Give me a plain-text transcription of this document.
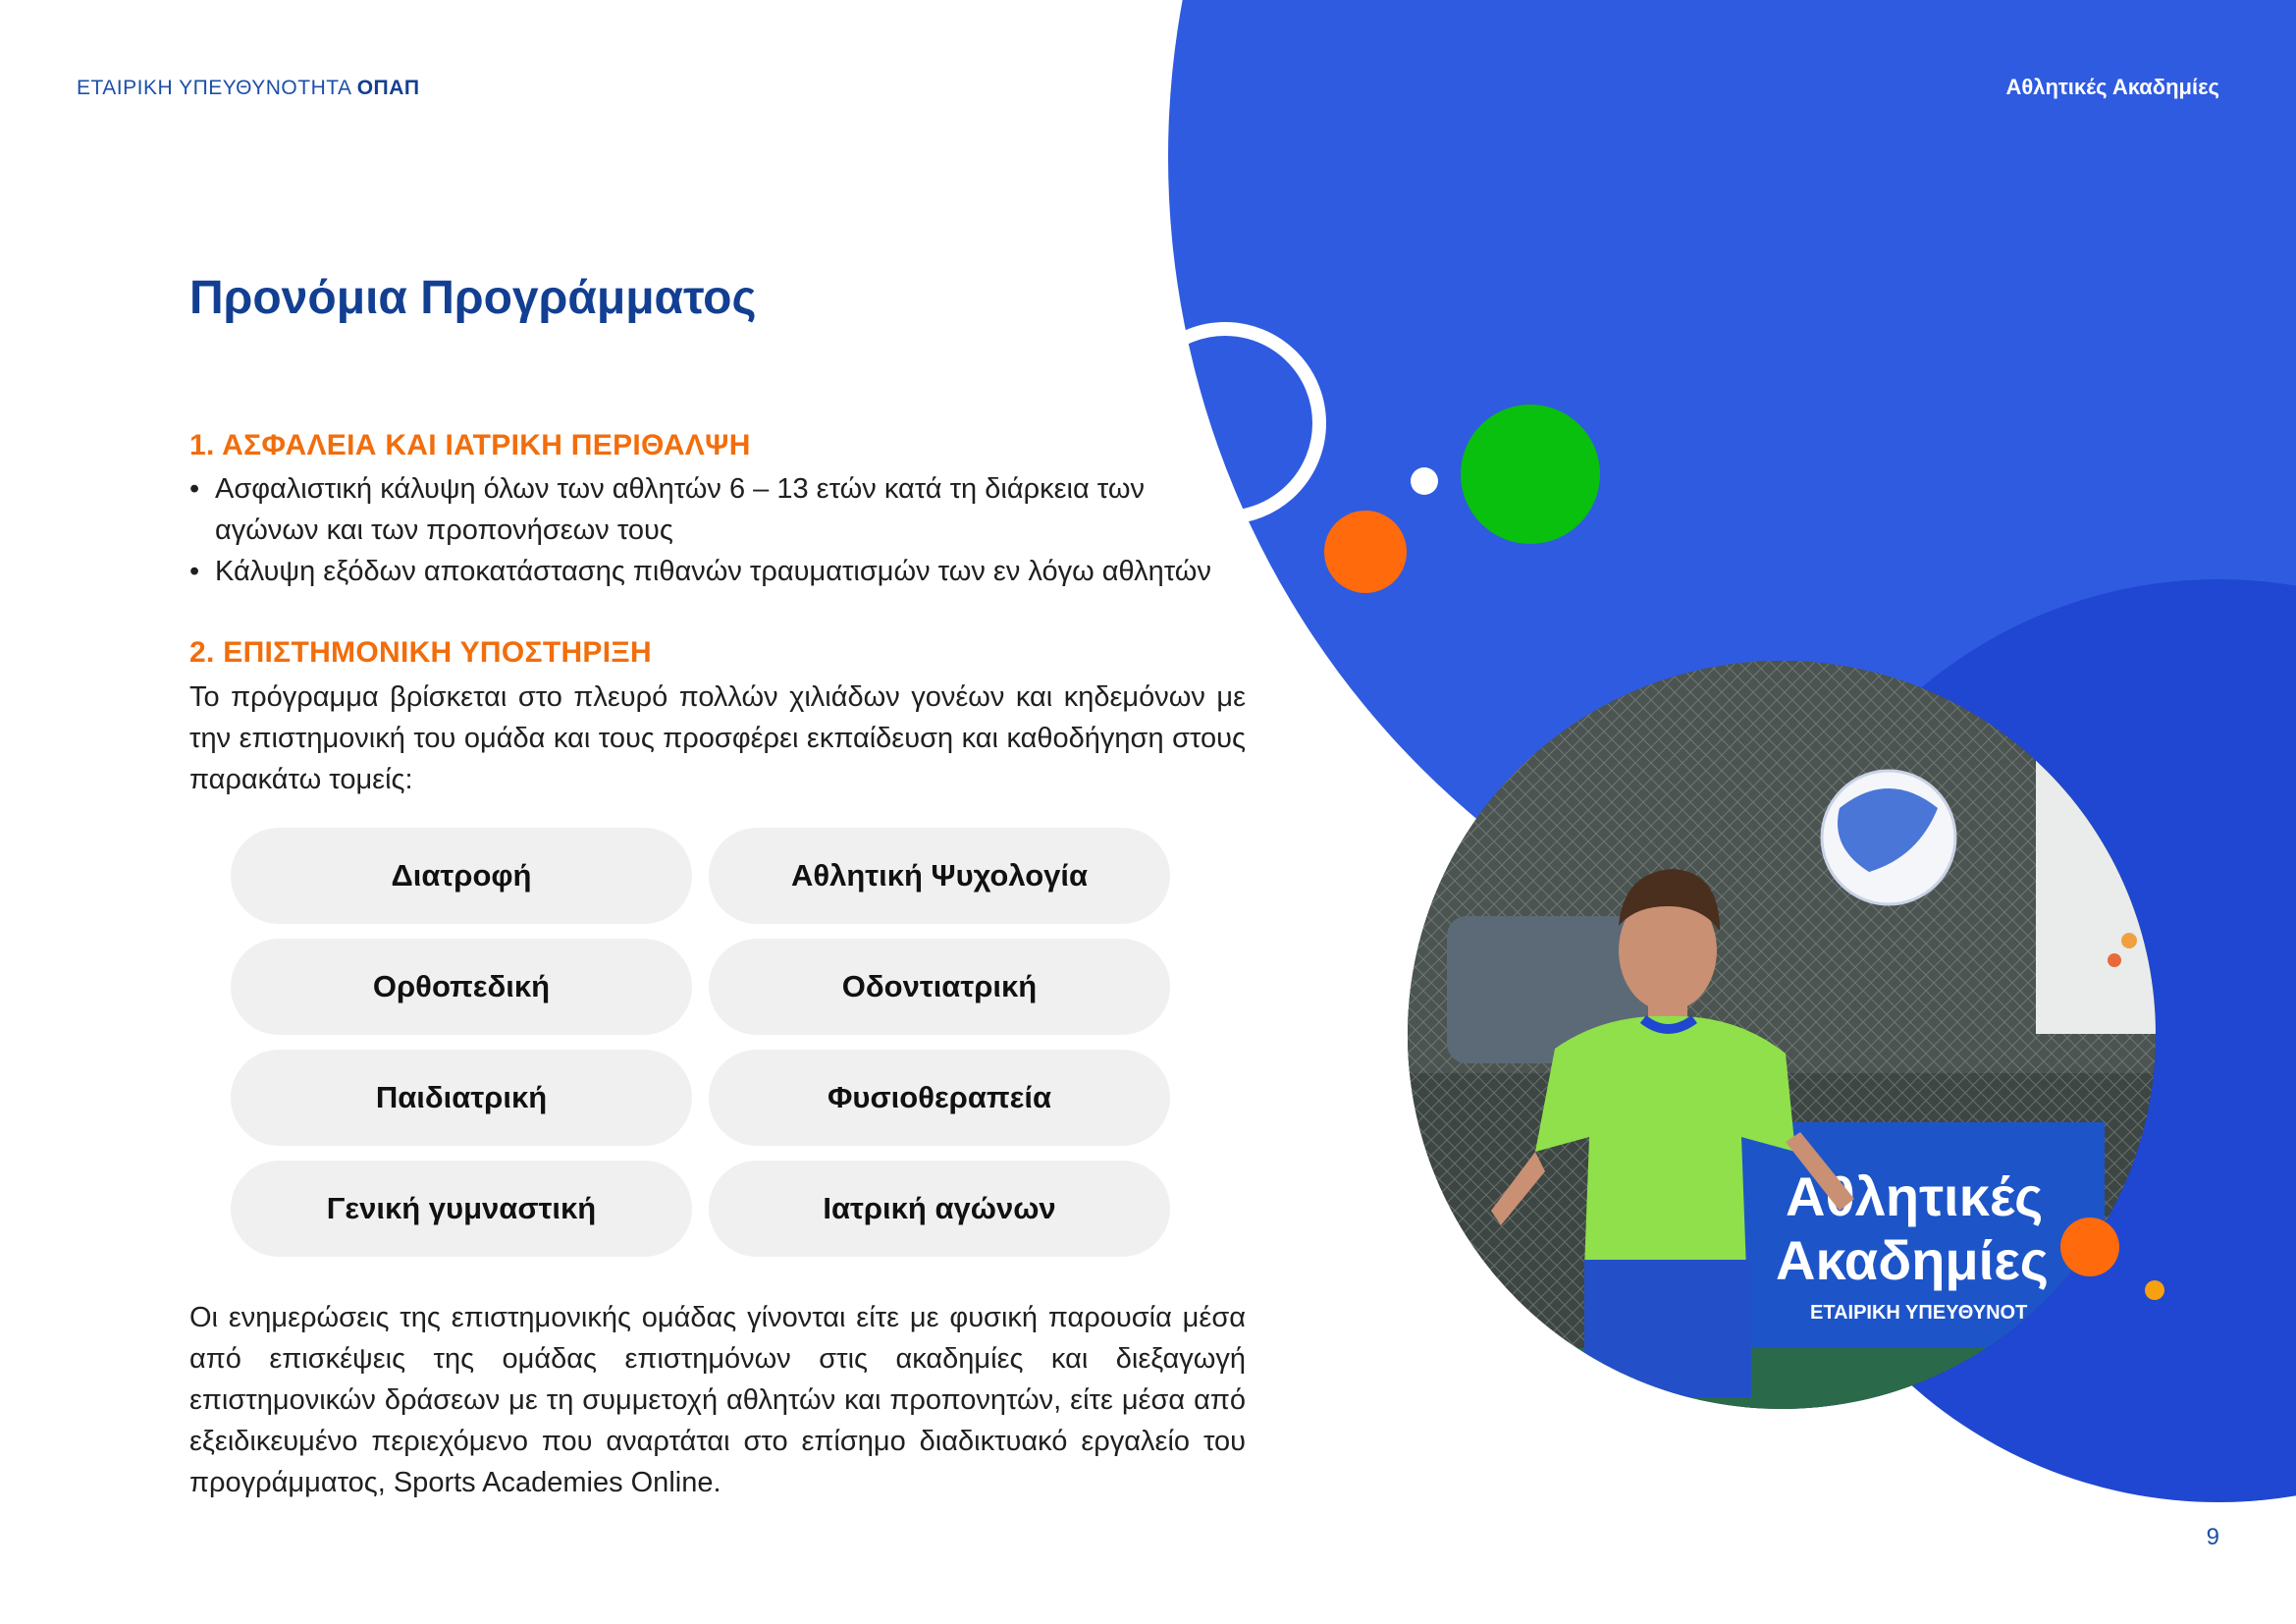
Αθλητικές
Ακαδημίες
ΕΤΑΙΡΙΚΗ ΥΠΕΥΘΥΝΟΤ
ΕΤΑΙΡΙΚΗ ΥΠΕΥΘΥΝΟΤΗΤΑ ΟΠΑΠ	Αθλητικές Ακαδημίες
Προνόμια Προγράμματος
1. ΑΣΦΑΛΕΙΑ ΚΑΙ ΙΑΤΡΙΚΗ ΠΕΡΙΘΑΛΨΗ
• Ασφαλιστική κάλυψη όλων των αθλητών 6 – 13 ετών κατά τη διάρκεια των αγώνων και των προπονήσεων τους
• Κάλυψη εξόδων αποκατάστασης πιθανών τραυματισμών των εν λόγω αθλητών
2. ΕΠΙΣΤΗΜΟΝΙΚΗ ΥΠΟΣΤΗΡΙΞΗ
Το πρόγραμμα βρίσκεται στο πλευρό πολλών χιλιάδων γονέων και κηδεμόνων με την επιστημονική του ομάδα και τους προσφέρει εκπαίδευση και καθοδήγηση στους παρακάτω τομείς:
Διατροφή	Αθλητική Ψυχολογία
Ορθοπεδική	Οδοντιατρική
Παιδιατρική	Φυσιοθεραπεία
Γενική γυμναστική	Ιατρική αγώνων
Οι ενημερώσεις της επιστημονικής ομάδας γίνονται είτε με φυσική παρουσία μέσα από επισκέψεις της ομάδας επιστημόνων στις ακαδημίες και διεξαγωγή επιστημονικών δράσεων με τη συμμετοχή αθλητών και προπονητών, είτε μέσα από εξειδικευμένο περιεχόμενο που αναρτάται στο επίσημο διαδικτυακό εργαλείο του προγράμματος, Sports Academies Online.
9
